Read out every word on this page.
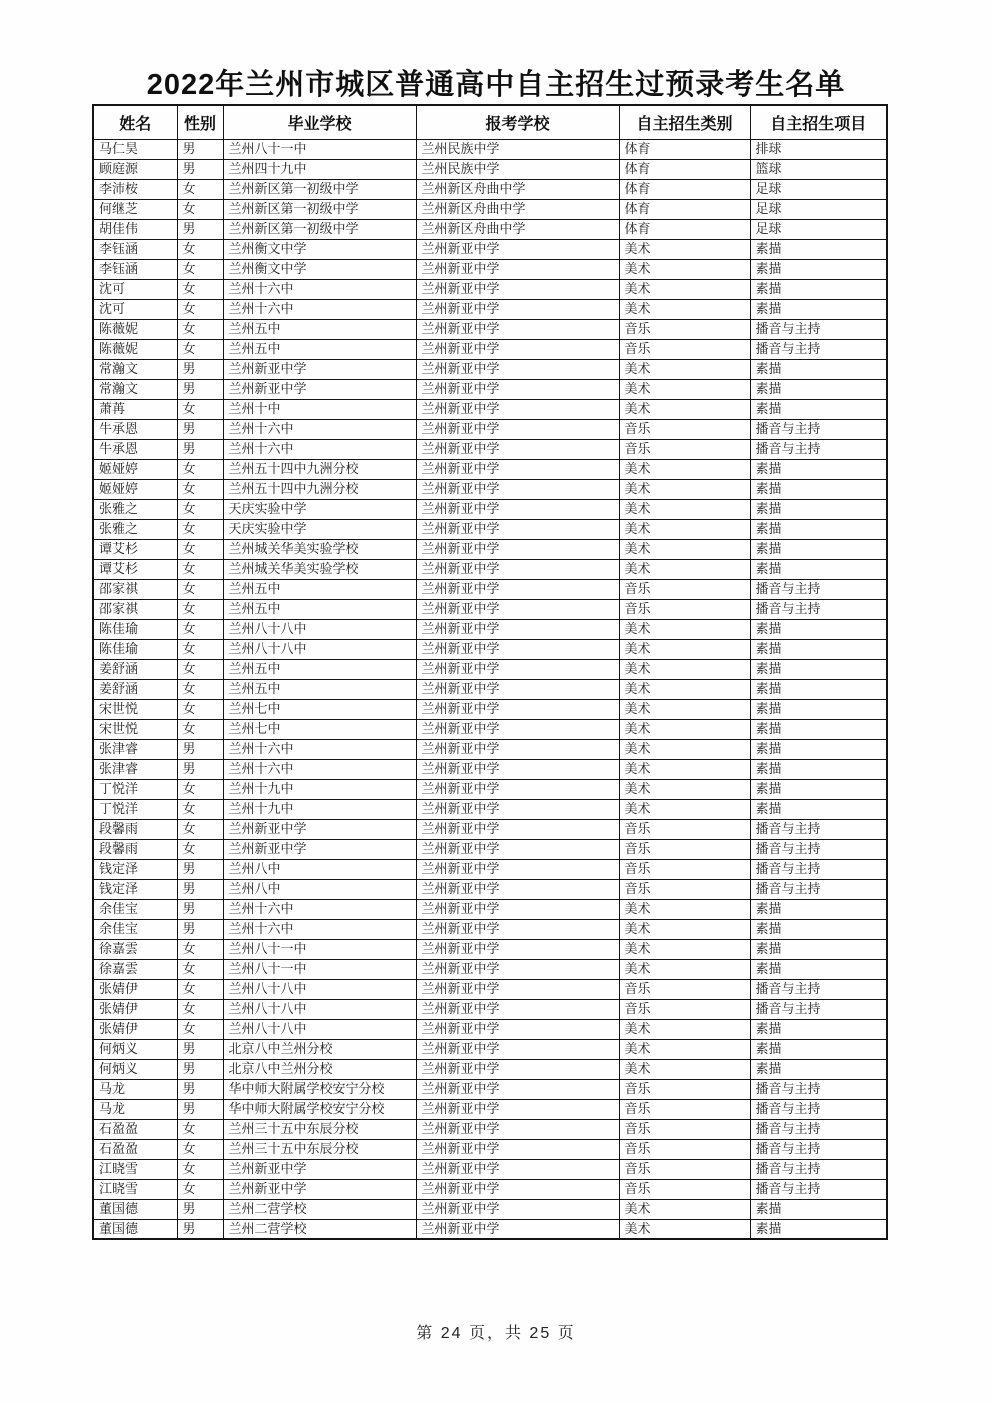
2022年兰州市城区普通高中自主招生过预录考生名单
姓名	性别	毕业学校	报考学校	自主招生类别	自主招生项目
马仁昊	男	兰州八十一中	兰州民族中学	体育	排球
顾庭源	男	兰州四十九中	兰州民族中学	体育	篮球
李沛桉	女	兰州新区第一初级中学	兰州新区舟曲中学	体育	足球
何继芝	女	兰州新区第一初级中学	兰州新区舟曲中学	体育	足球
胡佳伟	男	兰州新区第一初级中学	兰州新区舟曲中学	体育	足球
李钰涵	女	兰州衡文中学	兰州新亚中学	美术	素描
李钰涵	女	兰州衡文中学	兰州新亚中学	美术	素描
沈可	女	兰州十六中	兰州新亚中学	美术	素描
沈可	女	兰州十六中	兰州新亚中学	美术	素描
陈薇妮	女	兰州五中	兰州新亚中学	音乐	播音与主持
陈薇妮	女	兰州五中	兰州新亚中学	音乐	播音与主持
常瀚文	男	兰州新亚中学	兰州新亚中学	美术	素描
常瀚文	男	兰州新亚中学	兰州新亚中学	美术	素描
萧苒	女	兰州十中	兰州新亚中学	美术	素描
牛承恩	男	兰州十六中	兰州新亚中学	音乐	播音与主持
牛承恩	男	兰州十六中	兰州新亚中学	音乐	播音与主持
姬娅婷	女	兰州五十四中九洲分校	兰州新亚中学	美术	素描
姬娅婷	女	兰州五十四中九洲分校	兰州新亚中学	美术	素描
张雅之	女	天庆实验中学	兰州新亚中学	美术	素描
张雅之	女	天庆实验中学	兰州新亚中学	美术	素描
谭艾杉	女	兰州城关华美实验学校	兰州新亚中学	美术	素描
谭艾杉	女	兰州城关华美实验学校	兰州新亚中学	美术	素描
邵家祺	女	兰州五中	兰州新亚中学	音乐	播音与主持
邵家祺	女	兰州五中	兰州新亚中学	音乐	播音与主持
陈佳瑜	女	兰州八十八中	兰州新亚中学	美术	素描
陈佳瑜	女	兰州八十八中	兰州新亚中学	美术	素描
姜舒涵	女	兰州五中	兰州新亚中学	美术	素描
姜舒涵	女	兰州五中	兰州新亚中学	美术	素描
宋世悦	女	兰州七中	兰州新亚中学	美术	素描
宋世悦	女	兰州七中	兰州新亚中学	美术	素描
张津睿	男	兰州十六中	兰州新亚中学	美术	素描
张津睿	男	兰州十六中	兰州新亚中学	美术	素描
丁悦洋	女	兰州十九中	兰州新亚中学	美术	素描
丁悦洋	女	兰州十九中	兰州新亚中学	美术	素描
段馨雨	女	兰州新亚中学	兰州新亚中学	音乐	播音与主持
段馨雨	女	兰州新亚中学	兰州新亚中学	音乐	播音与主持
钱定泽	男	兰州八中	兰州新亚中学	音乐	播音与主持
钱定泽	男	兰州八中	兰州新亚中学	音乐	播音与主持
余佳宝	男	兰州十六中	兰州新亚中学	美术	素描
余佳宝	男	兰州十六中	兰州新亚中学	美术	素描
徐嘉雲	女	兰州八十一中	兰州新亚中学	美术	素描
徐嘉雲	女	兰州八十一中	兰州新亚中学	美术	素描
张婧伊	女	兰州八十八中	兰州新亚中学	音乐	播音与主持
张婧伊	女	兰州八十八中	兰州新亚中学	音乐	播音与主持
张婧伊	女	兰州八十八中	兰州新亚中学	美术	素描
何炳义	男	北京八中兰州分校	兰州新亚中学	美术	素描
何炳义	男	北京八中兰州分校	兰州新亚中学	美术	素描
马龙	男	华中师大附属学校安宁分校	兰州新亚中学	音乐	播音与主持
马龙	男	华中师大附属学校安宁分校	兰州新亚中学	音乐	播音与主持
石盈盈	女	兰州三十五中东辰分校	兰州新亚中学	音乐	播音与主持
石盈盈	女	兰州三十五中东辰分校	兰州新亚中学	音乐	播音与主持
江晓雪	女	兰州新亚中学	兰州新亚中学	音乐	播音与主持
江晓雪	女	兰州新亚中学	兰州新亚中学	音乐	播音与主持
董国德	男	兰州二营学校	兰州新亚中学	美术	素描
董国德	男	兰州二营学校	兰州新亚中学	美术	素描
第 24 页，共 25 页
